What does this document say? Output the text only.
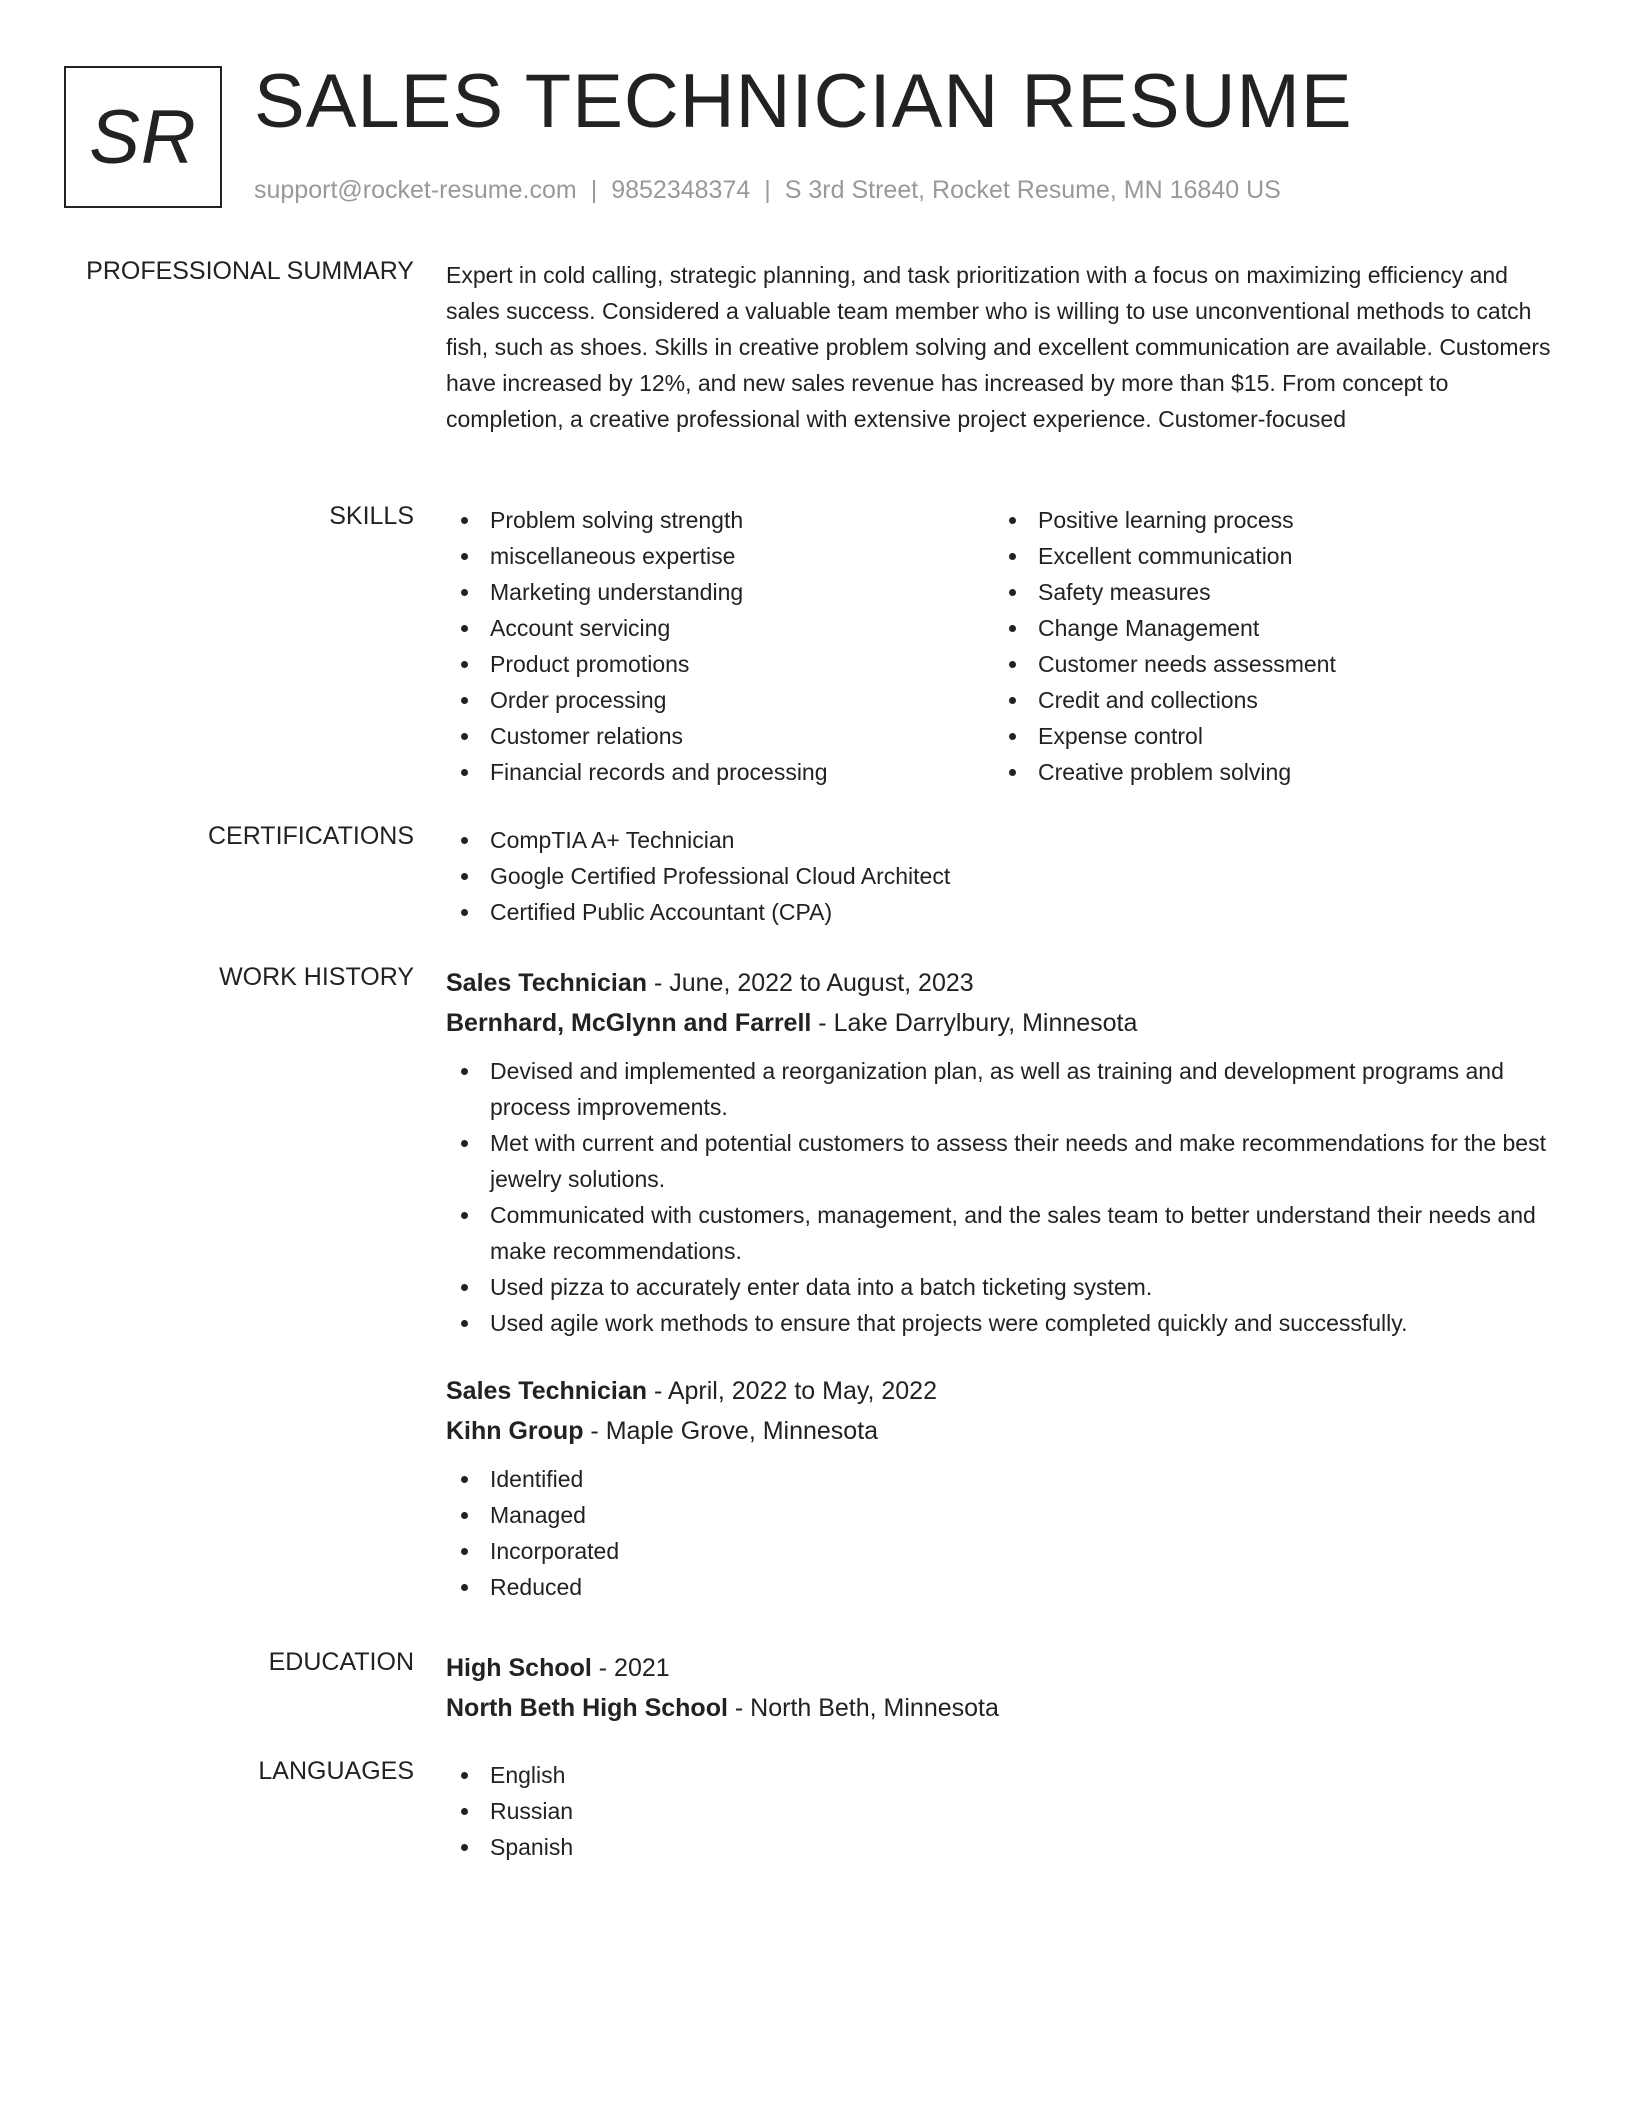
SR SALES TECHNICIAN RESUME
support@rocket-resume.com | 9852348374 | S 3rd Street, Rocket Resume, MN 16840 US
PROFESSIONAL SUMMARY Expert in cold calling, strategic planning, and task prioritization with a focus on maximizing efficiency and sales success. Considered a valuable team member who is willing to use unconventional methods to catch fish, such as shoes. Skills in creative problem solving and excellent communication are available. Customers have increased by 12%, and new sales revenue has increased by more than $15. From concept to completion, a creative professional with extensive project experience. Customer-focused
SKILLS	Problem solving strength
miscellaneous expertise
Marketing understanding
Account servicing
Product promotions
Order processing
Customer relations
Financial records and processing
Positive learning process
Excellent communication
Safety measures
Change Management
Customer needs assessment
Credit and collections
Expense control
Creative problem solving
CERTIFICATIONS	CompTIA A+ Technician
Google Certified Professional Cloud Architect
Certified Public Accountant (CPA)
WORK HISTORY Sales Technician - June, 2022 to August, 2023
Bernhard, McGlynn and Farrell - Lake Darrylbury, Minnesota
Devised and implemented a reorganization plan, as well as training and development programs and process improvements.
Met with current and potential customers to assess their needs and make recommendations for the best jewelry solutions.
Communicated with customers, management, and the sales team to better understand their needs and make recommendations.
Used pizza to accurately enter data into a batch ticketing system.
Used agile work methods to ensure that projects were completed quickly and successfully.
Sales Technician - April, 2022 to May, 2022
Kihn Group - Maple Grove, Minnesota
Identified
Managed
Incorporated
Reduced
EDUCATION High School - 2021
North Beth High School - North Beth, Minnesota
LANGUAGES	English
Russian
Spanish
